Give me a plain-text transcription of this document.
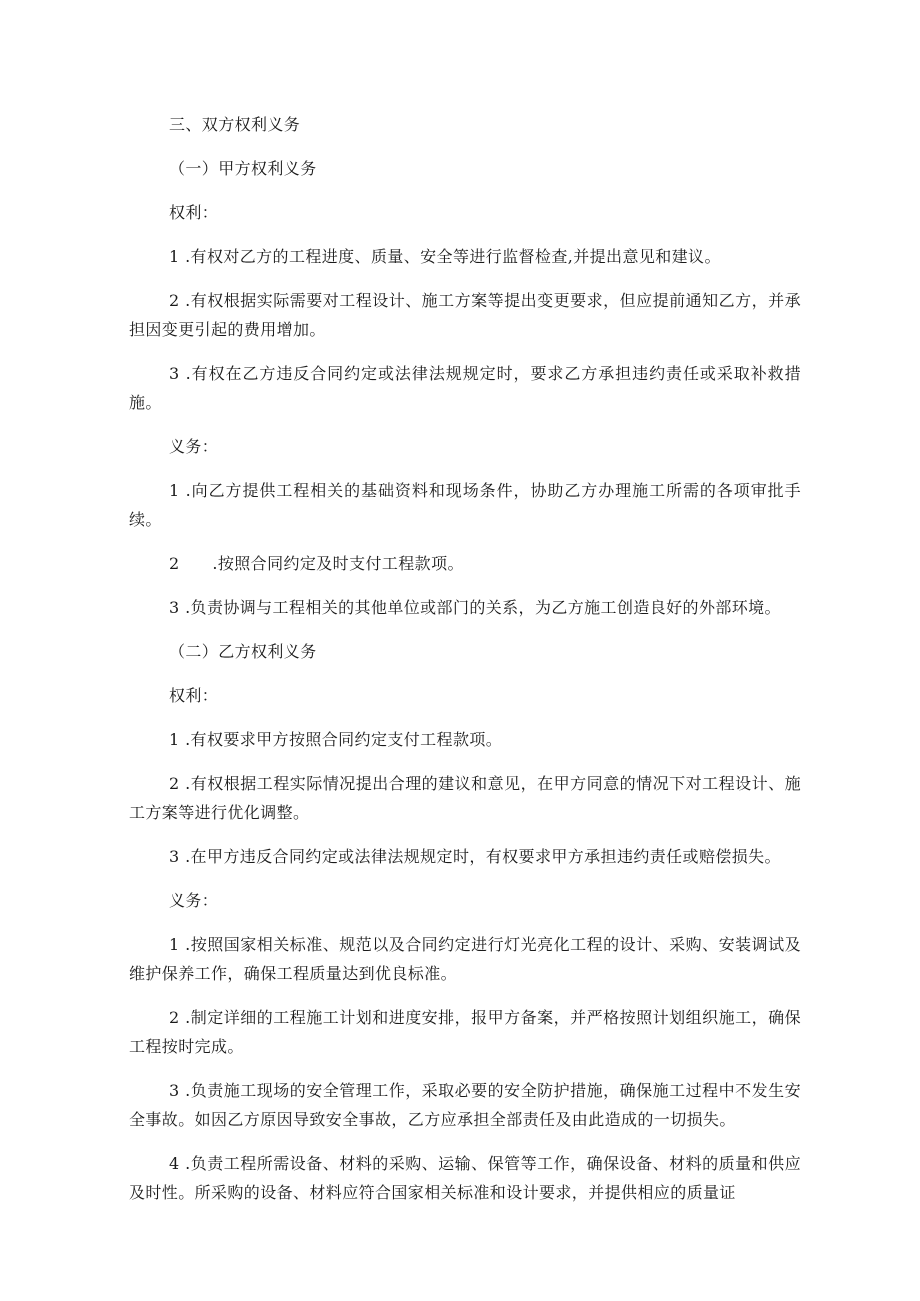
三、双方权利义务

（一）甲方权利义务

权利：

1 .有权对乙方的工程进度、质量、安全等进行监督检查,并提出意见和建议。

2 .有权根据实际需要对工程设计、施工方案等提出变更要求，但应提前通知乙方，并承担因变更引起的费用增加。

3 .有权在乙方违反合同约定或法律法规规定时，要求乙方承担违约责任或采取补救措施。

义务：

1 .向乙方提供工程相关的基础资料和现场条件，协助乙方办理施工所需的各项审批手续。

2　　.按照合同约定及时支付工程款项。

3 .负责协调与工程相关的其他单位或部门的关系，为乙方施工创造良好的外部环境。

（二）乙方权利义务

权利：

1 .有权要求甲方按照合同约定支付工程款项。

2 .有权根据工程实际情况提出合理的建议和意见，在甲方同意的情况下对工程设计、施工方案等进行优化调整。

3 .在甲方违反合同约定或法律法规规定时，有权要求甲方承担违约责任或赔偿损失。

义务：

1 .按照国家相关标准、规范以及合同约定进行灯光亮化工程的设计、采购、安装调试及维护保养工作，确保工程质量达到优良标准。

2 .制定详细的工程施工计划和进度安排，报甲方备案，并严格按照计划组织施工，确保工程按时完成。

3 .负责施工现场的安全管理工作，采取必要的安全防护措施，确保施工过程中不发生安全事故。如因乙方原因导致安全事故，乙方应承担全部责任及由此造成的一切损失。

4 .负责工程所需设备、材料的采购、运输、保管等工作，确保设备、材料的质量和供应及时性。所采购的设备、材料应符合国家相关标准和设计要求，并提供相应的质量证
